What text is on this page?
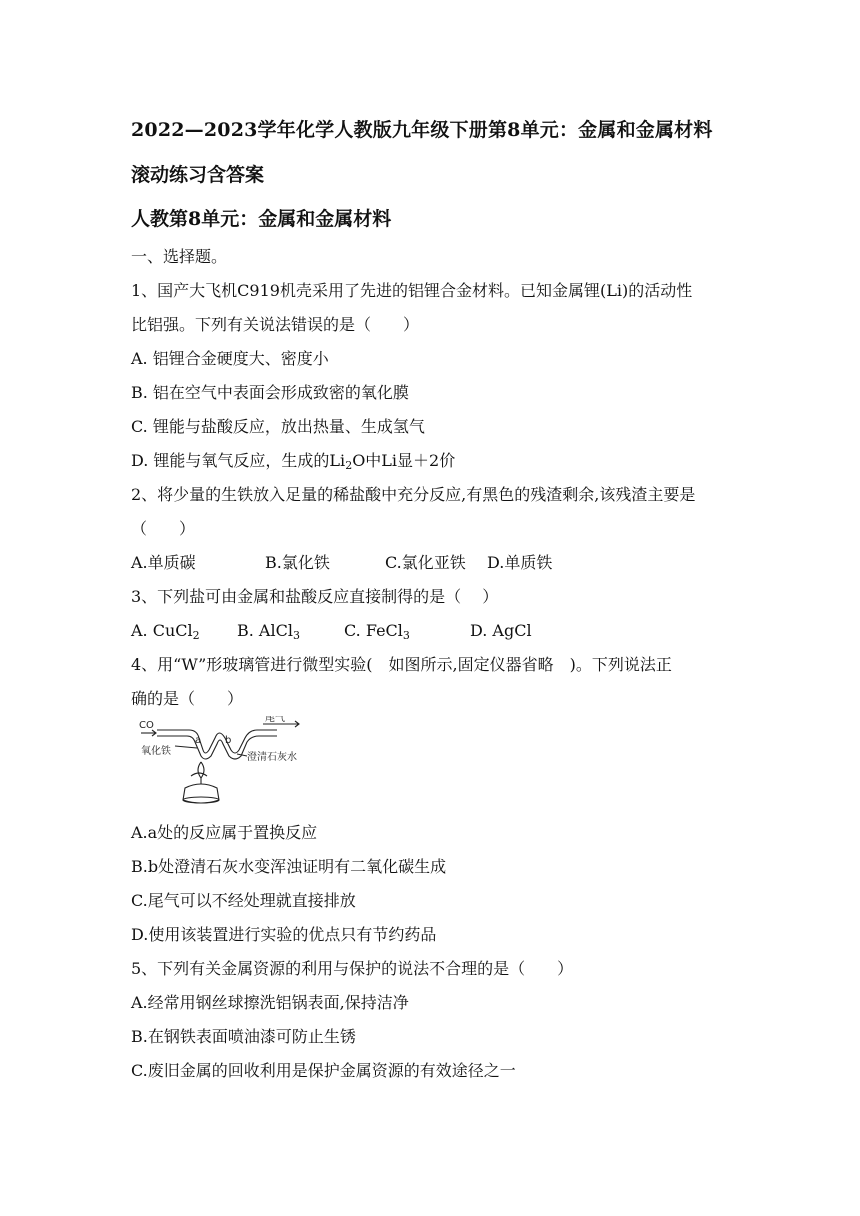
2022—2023学年化学人教版九年级下册第8单元：金属和金属材料
滚动练习含答案
人教第8单元：金属和金属材料
一、选择题。
1、国产大飞机C919机壳采用了先进的铝锂合金材料。已知金属锂(Li)的活动性
比铝强。下列有关说法错误的是（　　）
A. 铝锂合金硬度大、密度小
B. 铝在空气中表面会形成致密的氧化膜
C. 锂能与盐酸反应，放出热量、生成氢气
D. 锂能与氧气反应，生成的$Li_2O$中Li显＋2价
2、将少量的生铁放入足量的稀盐酸中充分反应,有黑色的残渣剩余,该残渣主要是
（　　）
A.单质碳	B.氯化铁	C.氯化亚铁 D.单质铁
3、下列盐可由金属和盐酸反应直接制得的是（　 ）
A. CuCl$_2$ B. AlCl$_3$	C. FeCl$_3$	D. AgCl
4、用“W”形玻璃管进行微型实验(　如图所示,固定仪器省略　)。下列说法正
确的是（　　）
CO
a b
尾气
氧化铁
澄清石灰水
A.a处的反应属于置换反应
B.b处澄清石灰水变浑浊证明有二氧化碳生成
C.尾气可以不经处理就直接排放
D.使用该装置进行实验的优点只有节约药品
5、下列有关金属资源的利用与保护的说法不合理的是（　　）
A.经常用钢丝球擦洗铝锅表面,保持洁净
B.在钢铁表面喷油漆可防止生锈
C.废旧金属的回收利用是保护金属资源的有效途径之一
